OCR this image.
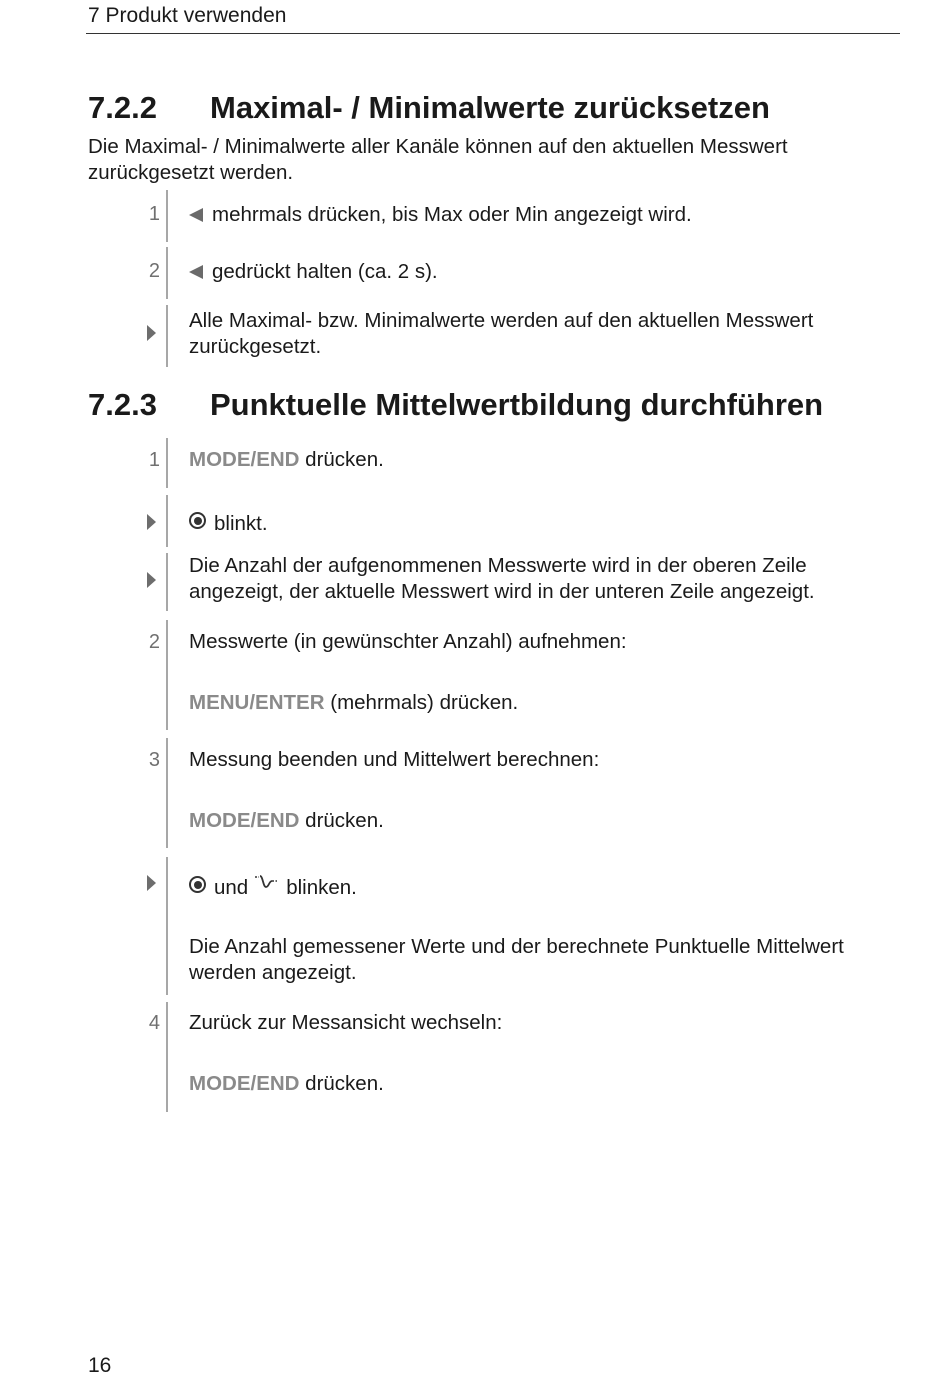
7 Produkt verwenden
7.2.2 Maximal- / Minimalwerte zurücksetzen
Die Maximal- / Minimalwerte aller Kanäle können auf den aktuellen Messwert zurückgesetzt werden.
1	mehrmals drücken, bis Max oder Min angezeigt wird.
2	gedrückt halten (ca. 2 s).
Alle Maximal- bzw. Minimalwerte werden auf den aktuellen Messwert zurückgesetzt.
7.2.3 Punktuelle Mittelwertbildung durchführen
1 MODE/END drücken.
blinkt.
Die Anzahl der aufgenommenen Messwerte wird in der oberen Zeile angezeigt, der aktuelle Messwert wird in der unteren Zeile angezeigt.
2 Messwerte (in gewünschter Anzahl) aufnehmen:
MENU/ENTER (mehrmals) drücken.
3 Messung beenden und Mittelwert berechnen:
MODE/END drücken.
und blinken.
Die Anzahl gemessener Werte und der berechnete Punktuelle Mittelwert werden angezeigt.
4 Zurück zur Messansicht wechseln:
MODE/END drücken.
16
